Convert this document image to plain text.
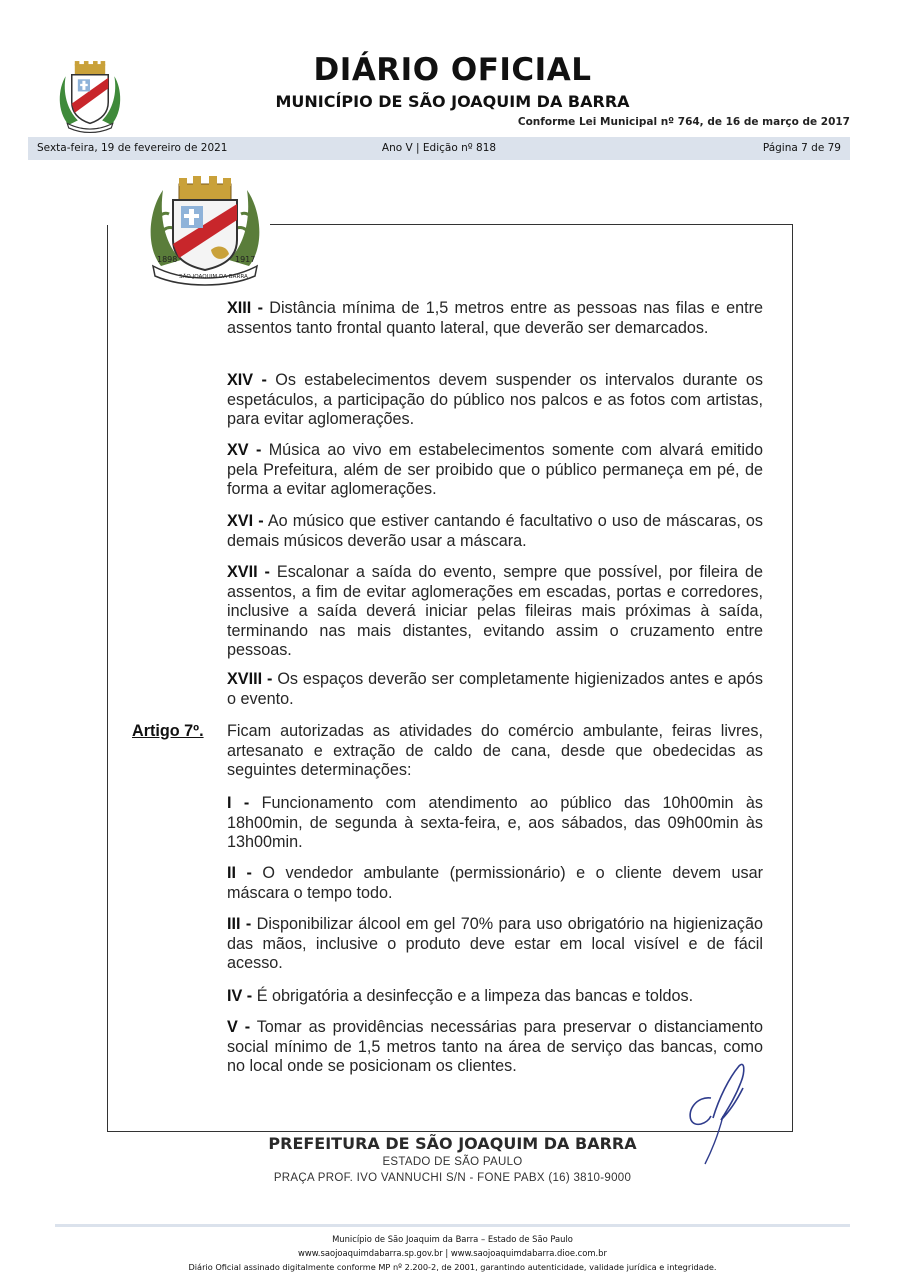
DIÁRIO OFICIAL
MUNICÍPIO DE SÃO JOAQUIM DA BARRA
Conforme Lei Municipal nº 764, de 16 de março de 2017
Sexta-feira, 19 de fevereiro de 2021	Ano V | Edição nº 818	Página 7 de 79
1898	1917
SÃO JOAQUIM DA BARRA
XIII - Distância mínima de 1,5 metros entre as pessoas nas filas e entre assentos tanto frontal quanto lateral, que deverão ser demarcados.
XIV - Os estabelecimentos devem suspender os intervalos durante os espetáculos, a participação do público nos palcos e as fotos com artistas, para evitar aglomerações.
XV - Música ao vivo em estabelecimentos somente com alvará emitido pela Prefeitura, além de ser proibido que o público permaneça em pé, de forma a evitar aglomerações.
XVI - Ao músico que estiver cantando é facultativo o uso de máscaras, os demais músicos deverão usar a máscara.
XVII - Escalonar a saída do evento, sempre que possível, por fileira de assentos, a fim de evitar aglomerações em escadas, portas e corredores, inclusive a saída deverá iniciar pelas fileiras mais próximas à saída, terminando nas mais distantes, evitando assim o cruzamento entre pessoas.
XVIII - Os espaços deverão ser completamente higienizados antes e após o evento.
Artigo 7º. Ficam autorizadas as atividades do comércio ambulante, feiras livres, artesanato e extração de caldo de cana, desde que obedecidas as seguintes determinações:
I - Funcionamento com atendimento ao público das 10h00min às 18h00min, de segunda à sexta-feira, e, aos sábados, das 09h00min às 13h00min.
II - O vendedor ambulante (permissionário) e o cliente devem usar máscara o tempo todo.
III - Disponibilizar álcool em gel 70% para uso obrigatório na higienização das mãos, inclusive o produto deve estar em local visível e de fácil acesso.
IV - É obrigatória a desinfecção e a limpeza das bancas e toldos.
V - Tomar as providências necessárias para preservar o distanciamento social mínimo de 1,5 metros tanto na área de serviço das bancas, como no local onde se posicionam os clientes.
PREFEITURA DE SÃO JOAQUIM DA BARRA
ESTADO DE SÃO PAULO
PRAÇA PROF. IVO VANNUCHI S/N - FONE PABX (16) 3810-9000
Município de São Joaquim da Barra – Estado de São Paulo
www.saojoaquimdabarra.sp.gov.br | www.saojoaquimdabarra.dioe.com.br
Diário Oficial assinado digitalmente conforme MP nº 2.200-2, de 2001, garantindo autenticidade, validade jurídica e integridade.
